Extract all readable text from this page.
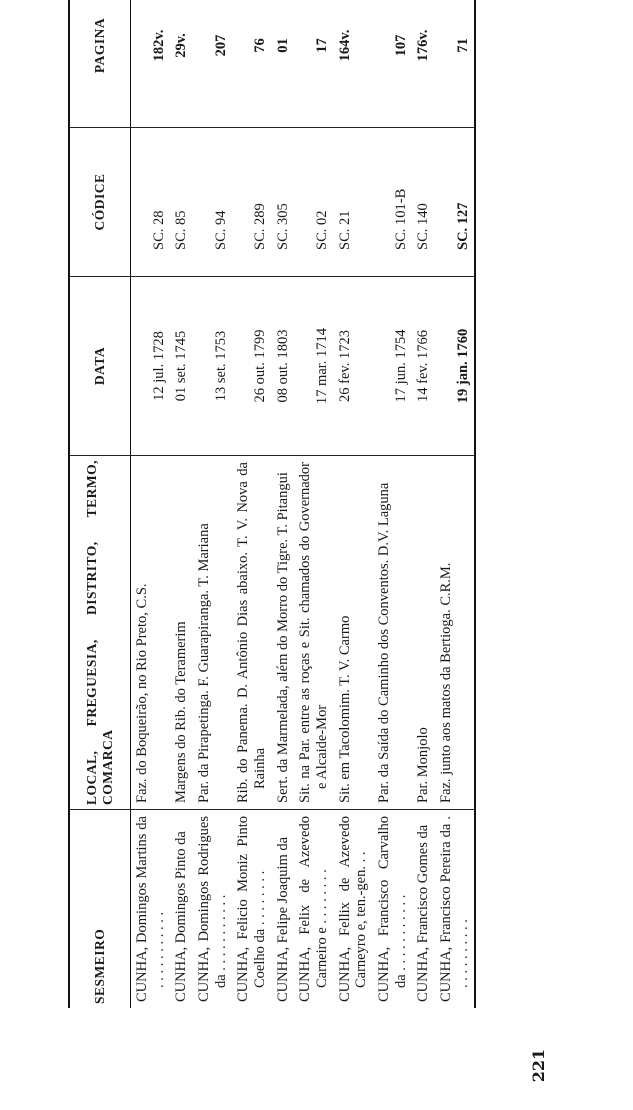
SESMEIRO	LOCAL, FREGUESIA, DISTRITO, TERMO, COMARCA	DATA	CÓDICE	PAGINA

CUNHA, Domingos Martins da . . . . . . . . . . .	Faz. do Boqueirão, no Rio Preto, C.S.	12 jul. 1728	SC. 28	182v.

CUNHA, Domingos Pinto da	Margens do Rib. do Teramerim	01 set. 1745	SC. 85	29v.

CUNHA, Domingos Rodrigues da . . . . . . . . . . .	Par. da Pirapetinga. F. Guarapiranga. T. Mariana	13 set. 1753	SC. 94	207

CUNHA, Felicio Moniz Pinto Coelho da . . . . . . . .	Rib. do Panema. D. Antônio Dias abaixo. T. V. Nova da Rainha	26 out. 1799	SC. 289	76

CUNHA, Felipe Joaquim da	Sert. da Marmelada, além do Morro do Tigre. T. Pitangui	08 out. 1803	SC. 305	01

CUNHA, Felix de Azevedo Carneiro e . . . . . . . .	Sit. na Par. entre as roças e Sit. chamados do Governador e Alcaide-Mor	17 mar. 1714	SC. 02	17

CUNHA, Fellix de Azevedo Carneyro e, ten.-gen. . .	Sit. em Tacolomim. T. V. Carmo	26 fev. 1723	SC. 21	164v.

CUNHA, Francisco Carvalho da . . . . . . . . . . .	Par. da Saída do Caminho dos Conventos. D.V. Laguna	17 jun. 1754	SC. 101-B	107

CUNHA, Francisco Gomes da	Par. Monjolo	14 fev. 1766	SC. 140	176v.

CUNHA, Francisco Pereira da . . . . . . . . . . .	Faz. junto aos matos da Bertioga. C.R.M.	19 jan. 1760	SC. 127	71
221
